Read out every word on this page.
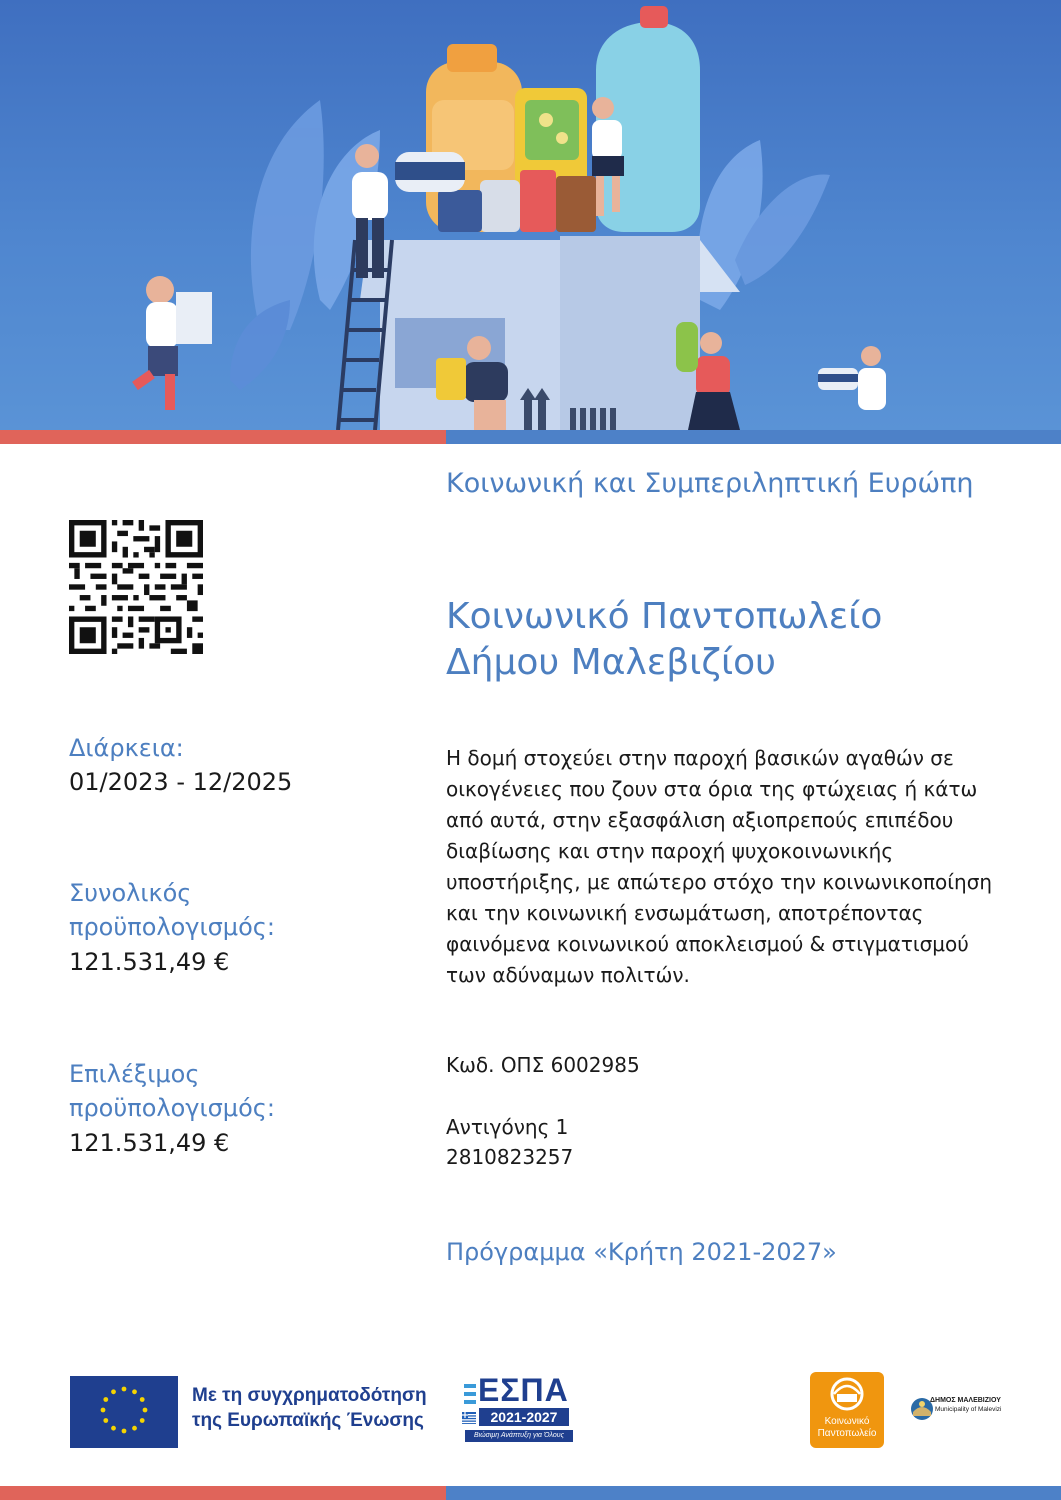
Διάρκεια:
01/2023 - 12/2025
Συνολικός
προϋπολογισμός:
121.531,49 €
Επιλέξιμος
προϋπολογισμός:
121.531,49 €
Κοινωνική και Συμπεριληπτική Ευρώπη
Κοινωνικό Παντοπωλείο
Δήμου Μαλεβιζίου

Η δομή στοχεύει στην παροχή βασικών αγαθών σε οικογένειες που ζουν στα όρια της φτώχειας ή κάτω από αυτά, στην εξασφάλιση αξιοπρεπούς επιπέδου διαβίωσης και στην παροχή ψυχοκοινωνικής υποστήριξης, με απώτερο στόχο την κοινωνικοποίηση και την κοινωνική ενσωμάτωση, αποτρέποντας φαινόμενα κοινωνικού αποκλεισμού & στιγματισμού των αδύναμων πολιτών.

Κωδ. ΟΠΣ 6002985
Αντιγόνης 1
2810823257
Πρόγραμμα «Κρήτη 2021-2027»
Με τη συγχρηματοδότηση
της Ευρωπαϊκής Ένωσης
ΕΣΠΑ
2021-2027
Βιώσιμη Ανάπτυξη για Όλους
Κοινωνικό
Παντοπωλείο
ΔΗΜΟΣ ΜΑΛΕΒΙΖΙΟΥ
Municipality of Malevizi
